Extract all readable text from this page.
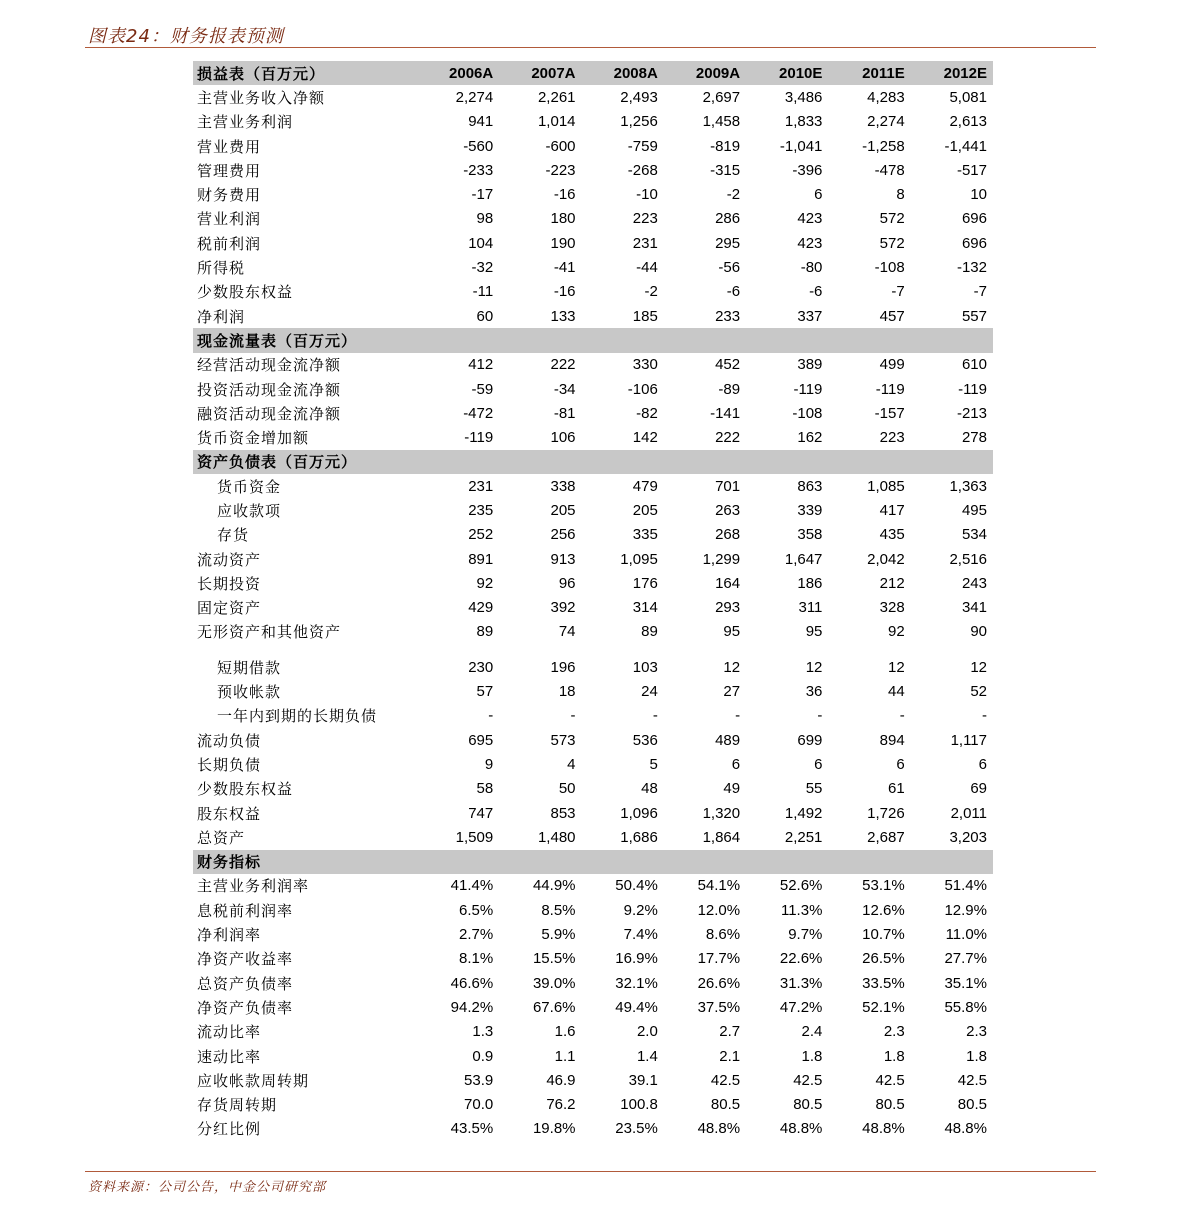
图表24：财务报表预测
损益表（百万元）	2006A	2007A	2008A	2009A	2010E	2011E	2012E
主营业务收入净额	2,274	2,261	2,493	2,697	3,486	4,283	5,081
主营业务利润	941	1,014	1,256	1,458	1,833	2,274	2,613
营业费用	-560	-600	-759	-819	-1,041	-1,258	-1,441
管理费用	-233	-223	-268	-315	-396	-478	-517
财务费用	-17	-16	-10	-2	6	8	10
营业利润	98	180	223	286	423	572	696
税前利润	104	190	231	295	423	572	696
所得税	-32	-41	-44	-56	-80	-108	-132
少数股东权益	-11	-16	-2	-6	-6	-7	-7
净利润	60	133	185	233	337	457	557
现金流量表（百万元）
经营活动现金流净额	412	222	330	452	389	499	610
投资活动现金流净额	-59	-34	-106	-89	-119	-119	-119
融资活动现金流净额	-472	-81	-82	-141	-108	-157	-213
货币资金增加额	-119	106	142	222	162	223	278
资产负债表（百万元）
货币资金	231	338	479	701	863	1,085	1,363
应收款项	235	205	205	263	339	417	495
存货	252	256	335	268	358	435	534
流动资产	891	913	1,095	1,299	1,647	2,042	2,516
长期投资	92	96	176	164	186	212	243
固定资产	429	392	314	293	311	328	341
无形资产和其他资产	89	74	89	95	95	92	90
短期借款	230	196	103	12	12	12	12
预收帐款	57	18	24	27	36	44	52
一年内到期的长期负债	-	-	-	-	-	-	-
流动负债	695	573	536	489	699	894	1,117
长期负债	9	4	5	6	6	6	6
少数股东权益	58	50	48	49	55	61	69
股东权益	747	853	1,096	1,320	1,492	1,726	2,011
总资产	1,509	1,480	1,686	1,864	2,251	2,687	3,203
财务指标
主营业务利润率	41.4%	44.9%	50.4%	54.1%	52.6%	53.1%	51.4%
息税前利润率	6.5%	8.5%	9.2%	12.0%	11.3%	12.6%	12.9%
净利润率	2.7%	5.9%	7.4%	8.6%	9.7%	10.7%	11.0%
净资产收益率	8.1%	15.5%	16.9%	17.7%	22.6%	26.5%	27.7%
总资产负债率	46.6%	39.0%	32.1%	26.6%	31.3%	33.5%	35.1%
净资产负债率	94.2%	67.6%	49.4%	37.5%	47.2%	52.1%	55.8%
流动比率	1.3	1.6	2.0	2.7	2.4	2.3	2.3
速动比率	0.9	1.1	1.4	2.1	1.8	1.8	1.8
应收帐款周转期	53.9	46.9	39.1	42.5	42.5	42.5	42.5
存货周转期	70.0	76.2	100.8	80.5	80.5	80.5	80.5
分红比例	43.5%	19.8%	23.5%	48.8%	48.8%	48.8%	48.8%
资料来源：公司公告，中金公司研究部
